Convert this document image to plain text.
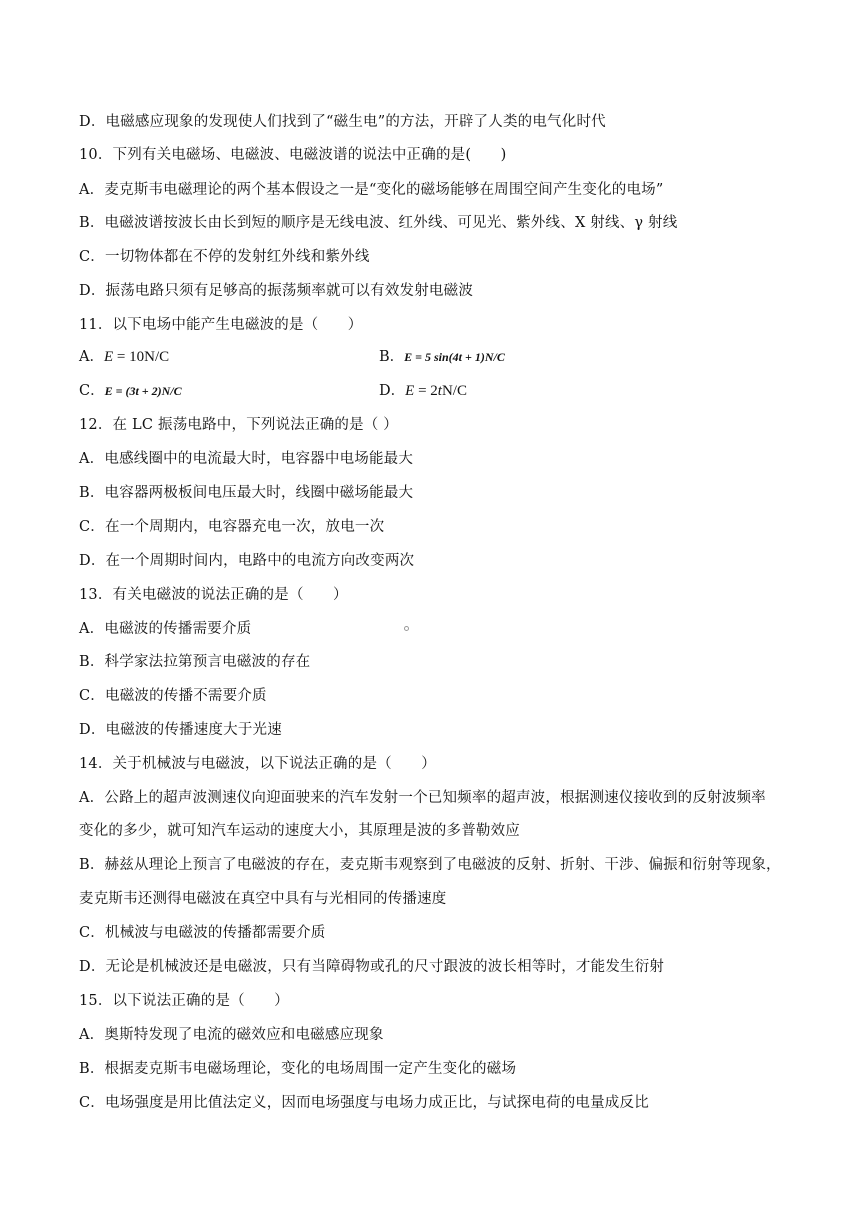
D．电磁感应现象的发现使人们找到了“磁生电”的方法，开辟了人类的电气化时代
10．下列有关电磁场、电磁波、电磁波谱的说法中正确的是(　　)
A．麦克斯韦电磁理论的两个基本假设之一是“变化的磁场能够在周围空间产生变化的电场”
B．电磁波谱按波长由长到短的顺序是无线电波、红外线、可见光、紫外线、X 射线、γ 射线
C．一切物体都在不停的发射红外线和紫外线
D．振荡电路只须有足够高的振荡频率就可以有效发射电磁波
11．以下电场中能产生电磁波的是（　　）
A．E = 10N/C	B．E = 5 sin(4t + 1)N/C
C．E = (3t + 2)N/C	D．E = 2tN/C
12．在 LC 振荡电路中，下列说法正确的是（ ）
A．电感线圈中的电流最大时，电容器中电场能最大
B．电容器两极板间电压最大时，线圈中磁场能最大
C．在一个周期内，电容器充电一次，放电一次
D．在一个周期时间内，电路中的电流方向改变两次
13．有关电磁波的说法正确的是（　　）
A．电磁波的传播需要介质
B．科学家法拉第预言电磁波的存在
C．电磁波的传播不需要介质
D．电磁波的传播速度大于光速
14．关于机械波与电磁波，以下说法正确的是（　　）
A．公路上的超声波测速仪向迎面驶来的汽车发射一个已知频率的超声波，根据测速仪接收到的反射波频率
变化的多少，就可知汽车运动的速度大小，其原理是波的多普勒效应
B．赫兹从理论上预言了电磁波的存在，麦克斯韦观察到了电磁波的反射、折射、干涉、偏振和衍射等现象，
麦克斯韦还测得电磁波在真空中具有与光相同的传播速度
C．机械波与电磁波的传播都需要介质
D．无论是机械波还是电磁波，只有当障碍物或孔的尺寸跟波的波长相等时，才能发生衍射
15．以下说法正确的是（　　）
A．奥斯特发现了电流的磁效应和电磁感应现象
B．根据麦克斯韦电磁场理论，变化的电场周围一定产生变化的磁场
C．电场强度是用比值法定义，因而电场强度与电场力成正比，与试探电荷的电量成反比
